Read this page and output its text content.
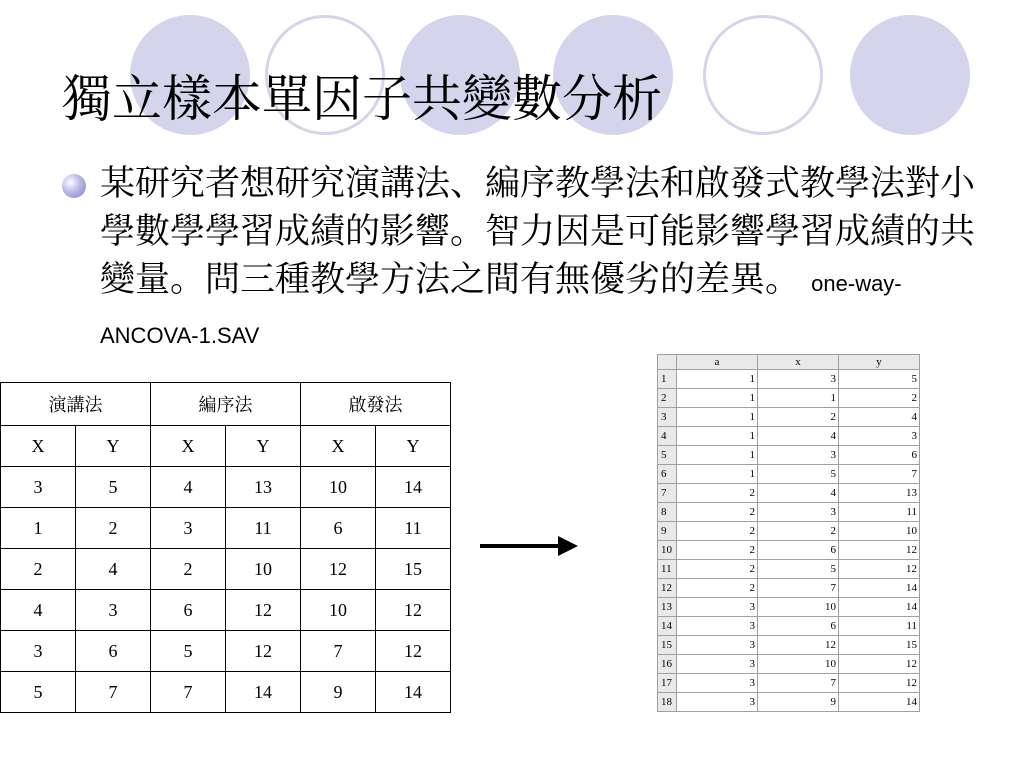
獨立樣本單因子共變數分析

某研究者想研究演講法、編序教學法和啟發式教學法對小學數學學習成績的影響。智力因是可能影響學習成績的共變量。問三種教學方法之間有無優劣的差異。 one-way-ANCOVA-1.SAV

演講法		編序法		啟發法	
X	Y	X	Y	X	Y
3	5	4	13	10	14
1	2	3	11	6	11
2	4	2	10	12	15
4	3	6	12	10	12
3	6	5	12	7	12
5	7	7	14	9	14
	a	x	y
1	1	3	5
2	1	1	2
3	1	2	4
4	1	4	3
5	1	3	6
6	1	5	7
7	2	4	13
8	2	3	11
9	2	2	10
10	2	6	12
11	2	5	12
12	2	7	14
13	3	10	14
14	3	6	11
15	3	12	15
16	3	10	12
17	3	7	12
18	3	9	14
